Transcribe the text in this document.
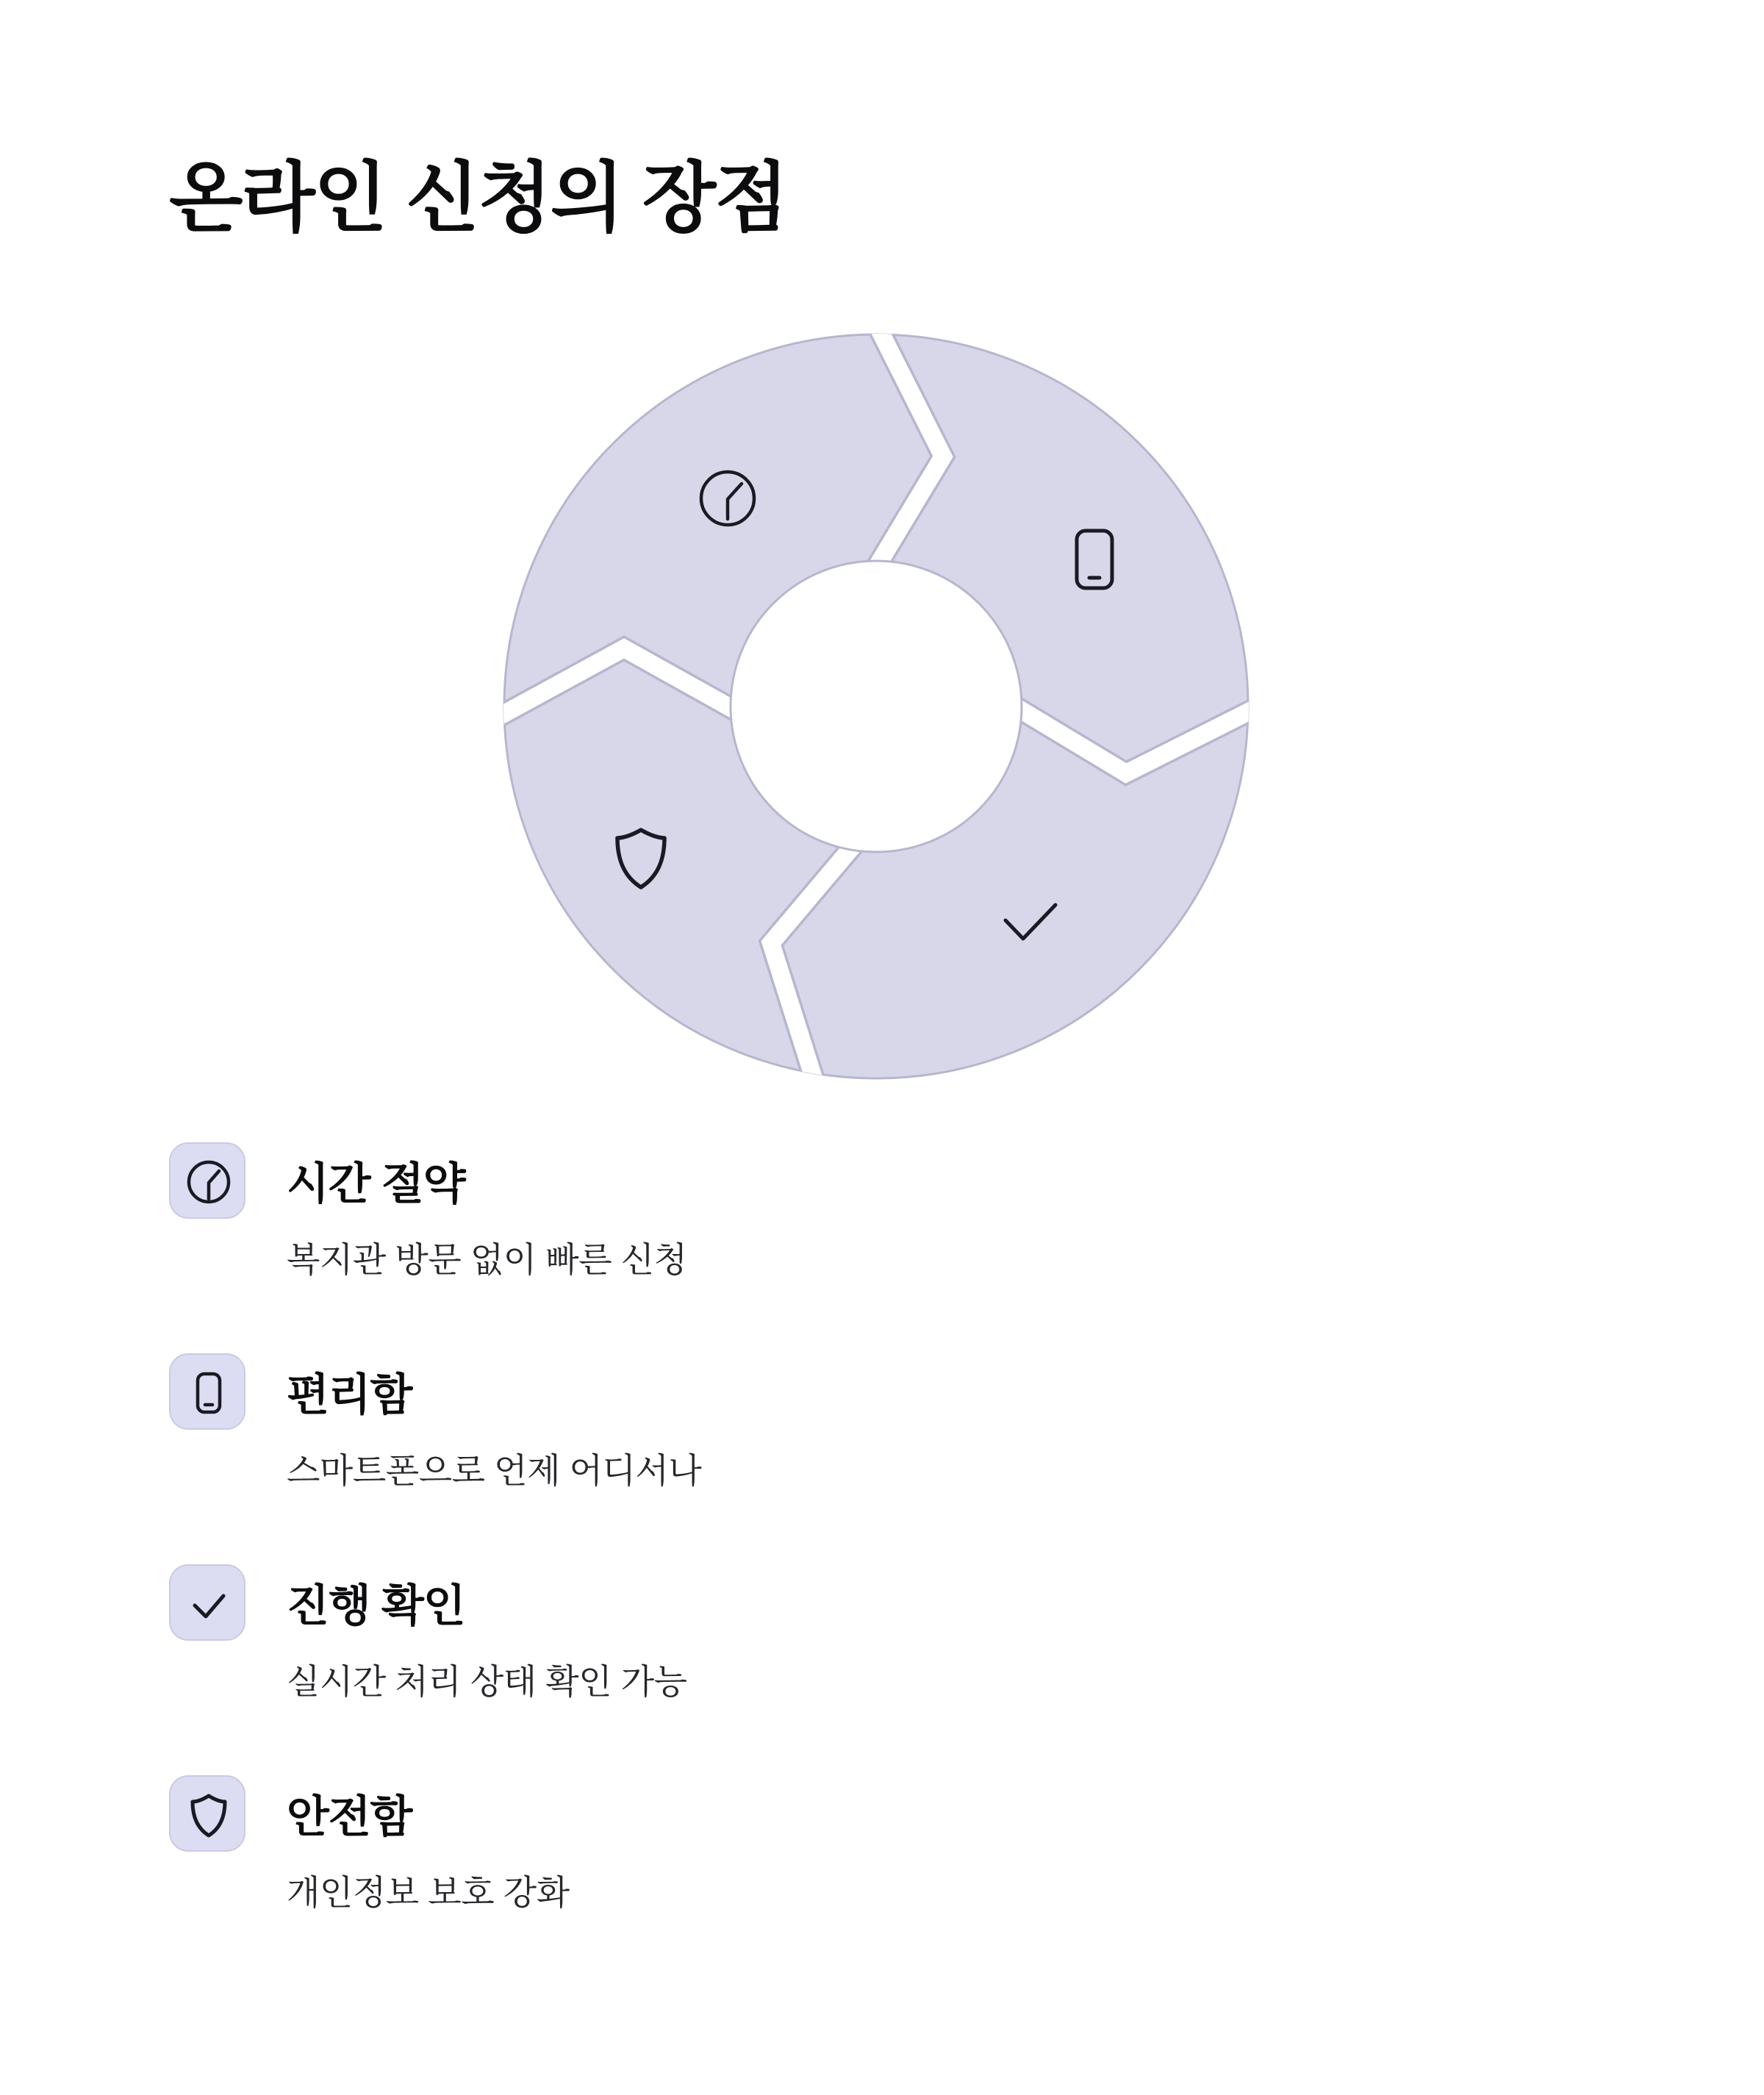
온라인 신청의 장점
시간 절약
복지관 방문 없이 빠른 신청
편리함
스마트폰으로 언제 어디서나
진행 확인
실시간 처리 상태 확인 가능
안전함
개인정보 보호 강화
